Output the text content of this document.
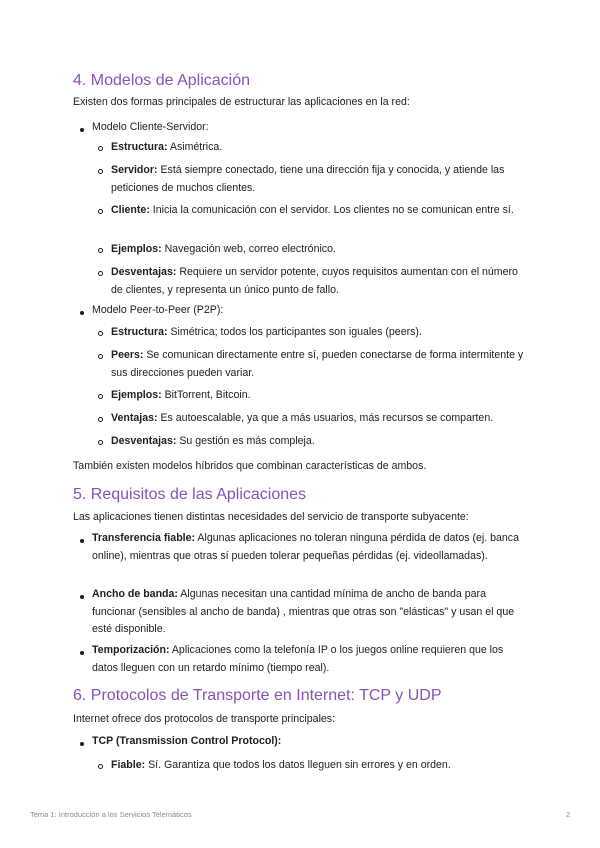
4. Modelos de Aplicación

Existen dos formas principales de estructurar las aplicaciones en la red:

Modelo Cliente-Servidor:

Estructura: Asimétrica.
Servidor: Está siempre conectado, tiene una dirección fija y conocida, y atiende las peticiones de muchos clientes.
Cliente: Inicia la comunicación con el servidor. Los clientes no se comunican entre sí.
Ejemplos: Navegación web, correo electrónico.
Desventajas: Requiere un servidor potente, cuyos requisitos aumentan con el número de clientes, y representa un único punto de fallo.

Modelo Peer-to-Peer (P2P):

Estructura: Simétrica; todos los participantes son iguales (peers).
Peers: Se comunican directamente entre sí, pueden conectarse de forma intermitente y sus direcciones pueden variar.
Ejemplos: BitTorrent, Bitcoin.
Ventajas: Es autoescalable, ya que a más usuarios, más recursos se comparten.
Desventajas: Su gestión es más compleja.

También existen modelos híbridos que combinan características de ambos.

5. Requisitos de las Aplicaciones

Las aplicaciones tienen distintas necesidades del servicio de transporte subyacente:

Transferencia fiable: Algunas aplicaciones no toleran ninguna pérdida de datos (ej. banca online), mientras que otras sí pueden tolerar pequeñas pérdidas (ej. videollamadas).
Ancho de banda: Algunas necesitan una cantidad mínima de ancho de banda para funcionar (sensibles al ancho de banda) , mientras que otras son "elásticas" y usan el que esté disponible.
Temporización: Aplicaciones como la telefonía IP o los juegos online requieren que los datos lleguen con un retardo mínimo (tiempo real).
6. Protocolos de Transporte en Internet: TCP y UDP

Internet ofrece dos protocolos de transporte principales:

TCP (Transmission Control Protocol):
Fiable: Sí. Garantiza que todos los datos lleguen sin errores y en orden.
Tema 1: Introducción a los Servicios Telemáticos	2
